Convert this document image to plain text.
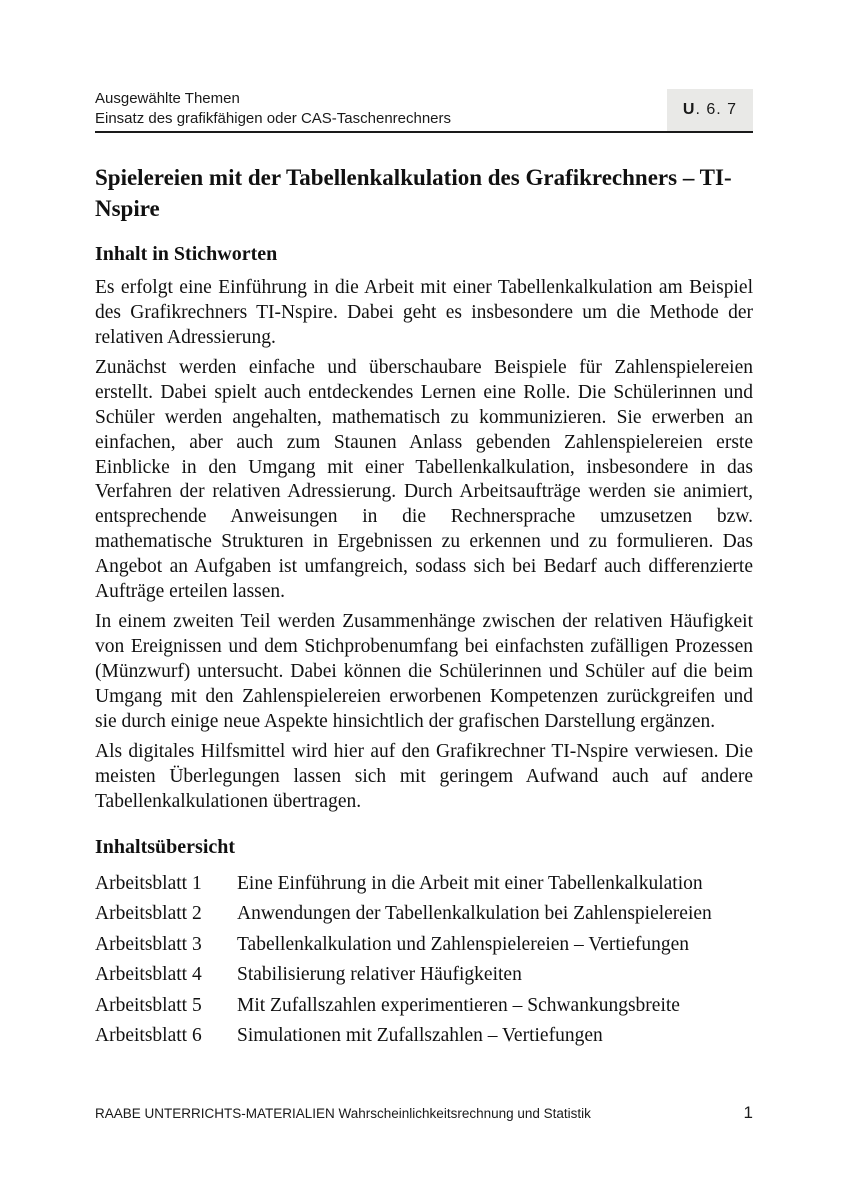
Ausgewählte Themen
Einsatz des grafikfähigen oder CAS-Taschenrechners
U . 6. 7
Spielereien mit der Tabellenkalkulation des Grafikrechners – TI-Nspire
Inhalt in Stichworten

Es erfolgt eine Einführung in die Arbeit mit einer Tabellenkalkulation am Beispiel des Grafikrechners TI-Nspire. Dabei geht es insbesondere um die Methode der relativen Adressierung.

Zunächst werden einfache und überschaubare Beispiele für Zahlenspielereien erstellt. Dabei spielt auch entdeckendes Lernen eine Rolle. Die Schülerinnen und Schüler werden angehalten, mathematisch zu kommunizieren. Sie erwerben an einfachen, aber auch zum Staunen Anlass gebenden Zahlenspielereien erste Einblicke in den Umgang mit einer Tabellenkalkulation, insbesondere in das Verfahren der relativen Adressierung. Durch Arbeitsaufträge werden sie animiert, entsprechende Anweisungen in die Rechnersprache umzusetzen bzw. mathematische Strukturen in Ergebnissen zu erkennen und zu formulieren. Das Angebot an Aufgaben ist umfangreich, sodass sich bei Bedarf auch differenzierte Aufträge erteilen lassen.

In einem zweiten Teil werden Zusammenhänge zwischen der relativen Häufigkeit von Ereignissen und dem Stichprobenumfang bei einfachsten zufälligen Prozessen (Münzwurf) untersucht. Dabei können die Schülerinnen und Schüler auf die beim Umgang mit den Zahlenspielereien erworbenen Kompetenzen zurückgreifen und sie durch einige neue Aspekte hinsichtlich der grafischen Darstellung ergänzen.

Als digitales Hilfsmittel wird hier auf den Grafikrechner TI-Nspire verwiesen. Die meisten Überlegungen lassen sich mit geringem Aufwand auch auf andere Tabellenkalkulationen übertragen.

Inhaltsübersicht
Arbeitsblatt 1	Eine Einführung in die Arbeit mit einer Tabellenkalkulation
Arbeitsblatt 2	Anwendungen der Tabellenkalkulation bei Zahlenspielereien
Arbeitsblatt 3	Tabellenkalkulation und Zahlenspielereien – Vertiefungen
Arbeitsblatt 4	Stabilisierung relativer Häufigkeiten
Arbeitsblatt 5	Mit Zufallszahlen experimentieren – Schwankungsbreite
Arbeitsblatt 6	Simulationen mit Zufallszahlen – Vertiefungen
RAABE UNTERRICHTS-MATERIALIEN Wahrscheinlichkeitsrechnung und Statistik	1
